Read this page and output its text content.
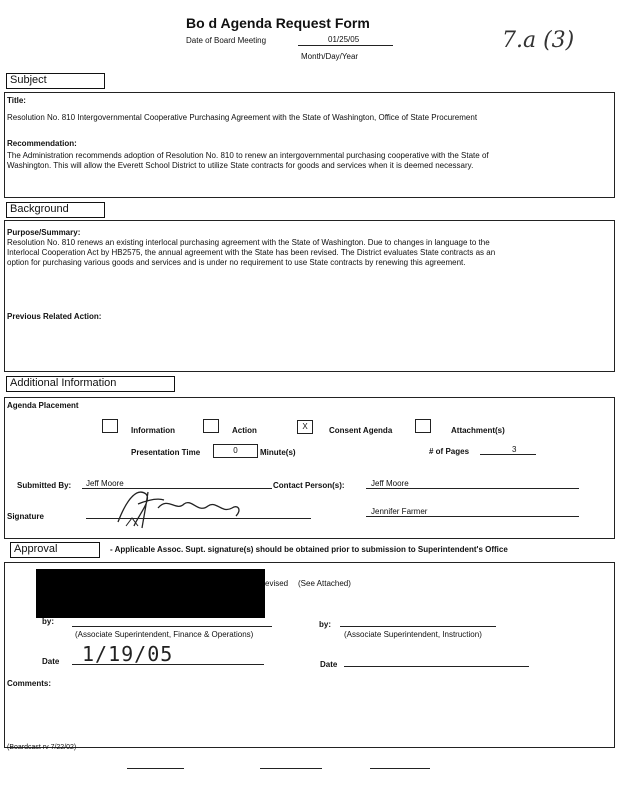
Bo d Agenda Request Form
Date of Board Meeting	01/25/05
Month/Day/Year
7.a (3)
Subject
Title:
Resolution No. 810 Intergovernmental Cooperative Purchasing Agreement with the State of Washington, Office of State Procurement
Recommendation:
The Administration recommends adoption of Resolution No. 810 to renew an intergovernmental purchasing cooperative with the State of
Washington. This will allow the Everett School District to utilize State contracts for goods and services when it is deemed necessary.
Background
Purpose/Summary:
Resolution No. 810 renews an existing interlocal purchasing agreement with the State of Washington. Due to changes in language to the
Interlocal Cooperation Act by HB2575, the annual agreement with the State has been revised. The District evaluates State contracts as an
option for purchasing various goods and services and is under no requirement to use State contracts by renewing this agreement.
Previous Related Action:
Additional Information
Agenda Placement
Information	Action	X	Consent Agenda	Attachment(s)
Presentation Time	0	Minute(s)	# of Pages	3
Submitted By: Jeff Moore	Contact Person(s):	Jeff Moore
Jennifer Farmer
Signature
Approval	- Applicable Assoc. Supt. signature(s) should be obtained prior to submission to Superintendent's Office
evised (See Attached)
by:
(Associate Superintendent, Finance & Operations)
by:
(Associate Superintendent, Instruction)
Date 1/19/05	Date
Comments:
(Boardcast rv 7/22/02)
